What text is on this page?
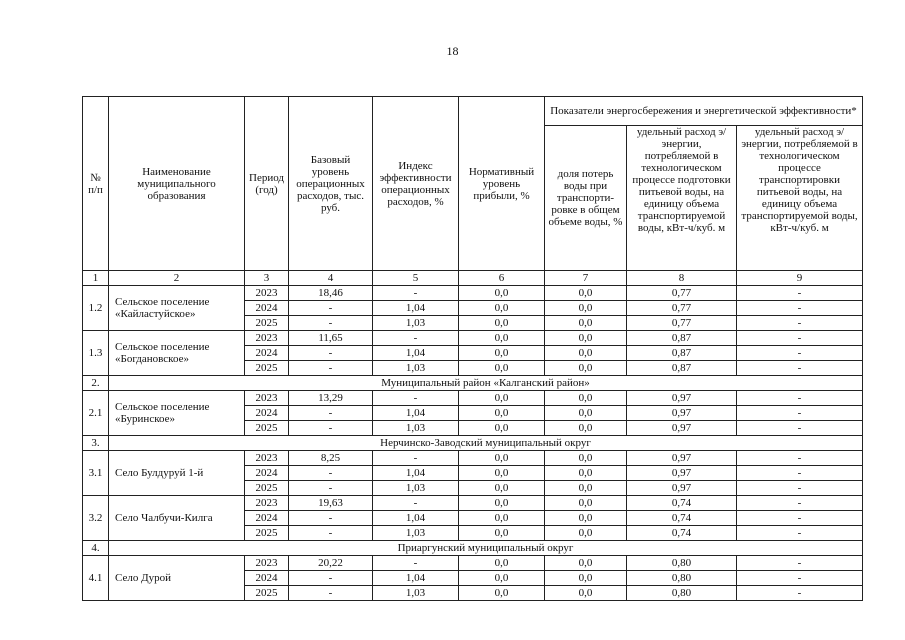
18
№ п/п	Наименование муниципального образования	Период (год)	Базовый уровень операционных расходов, тыс. руб.	Индекс эффективности операционных расходов, %	Нормативный уровень прибыли, %	Показатели энергосбережения и энергетической эффективности*		
						доля потерь воды при транспорти-ровке в общем объеме воды, %	удельный расход э/энергии, потребляемой в технологическом процессе подготовки питьевой воды, на единицу объема транспортируемой воды, кВт-ч/куб. м	удельный расход э/энергии, потребляемой в технологическом процессе транспортировки питьевой воды, на единицу объема транспортируемой воды, кВт-ч/куб. м
1	2	3	4	5	6	7	8	9
1.2	Сельское поселение «Кайластуйское»	2023	18,46	-	0,0	0,0	0,77	-
		2024	-	1,04	0,0	0,0	0,77	-
		2025	-	1,03	0,0	0,0	0,77	-
1.3	Сельское поселение «Богдановское»	2023	11,65	-	0,0	0,0	0,87	-
		2024	-	1,04	0,0	0,0	0,87	-
		2025	-	1,03	0,0	0,0	0,87	-
2.	Муниципальный район «Калганский район»							
2.1	Сельское поселение «Буринское»	2023	13,29	-	0,0	0,0	0,97	-
		2024	-	1,04	0,0	0,0	0,97	-
		2025	-	1,03	0,0	0,0	0,97	-
3.	Нерчинско-Заводский муниципальный округ							
3.1	Село Булдуруй 1-й	2023	8,25	-	0,0	0,0	0,97	-
		2024	-	1,04	0,0	0,0	0,97	-
		2025	-	1,03	0,0	0,0	0,97	-
3.2	Село Чалбучи-Килга	2023	19,63	-	0,0	0,0	0,74	-
		2024	-	1,04	0,0	0,0	0,74	-
		2025	-	1,03	0,0	0,0	0,74	-
4.	Приаргунский муниципальный округ							
4.1	Село Дурой	2023	20,22	-	0,0	0,0	0,80	-
		2024	-	1,04	0,0	0,0	0,80	-
		2025	-	1,03	0,0	0,0	0,80	-
